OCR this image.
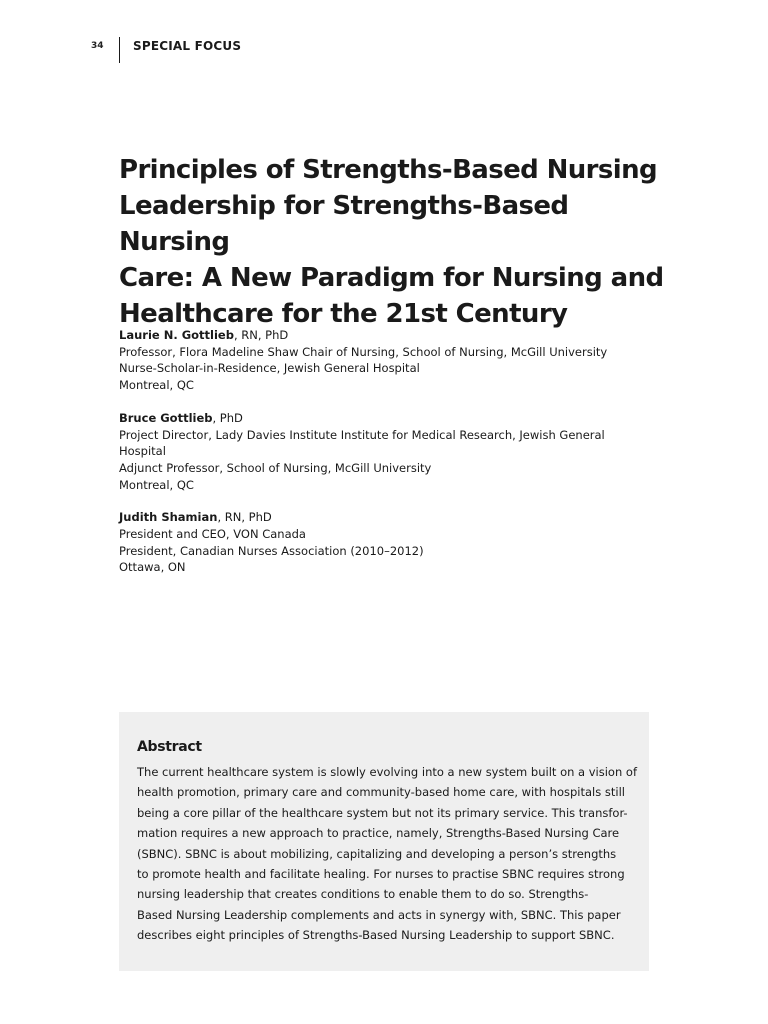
34 SPECIAL FOCUS
Principles of Strengths-Based Nursing
Leadership for Strengths-Based Nursing
Care: A New Paradigm for Nursing and
Healthcare for the 21st Century
Laurie N. Gottlieb, RN, PhD
Professor, Flora Madeline Shaw Chair of Nursing, School of Nursing, McGill University
Nurse-Scholar-in-Residence, Jewish General Hospital
Montreal, QC
Bruce Gottlieb, PhD
Project Director, Lady Davies Institute Institute for Medical Research, Jewish General
Hospital
Adjunct Professor, School of Nursing, McGill University
Montreal, QC
Judith Shamian, RN, PhD
President and CEO, VON Canada
President, Canadian Nurses Association (2010–2012)
Ottawa, ON
Abstract
The current healthcare system is slowly evolving into a new system built on a vision of
health promotion, primary care and community-based home care, with hospitals still
being a core pillar of the healthcare system but not its primary service. This transfor-
mation requires a new approach to practice, namely, Strengths-Based Nursing Care
(SBNC). SBNC is about mobilizing, capitalizing and developing a person’s strengths
to promote health and facilitate healing. For nurses to practise SBNC requires strong
nursing leadership that creates conditions to enable them to do so. Strengths-
Based Nursing Leadership complements and acts in synergy with, SBNC. This paper
describes eight principles of Strengths-Based Nursing Leadership to support SBNC.
